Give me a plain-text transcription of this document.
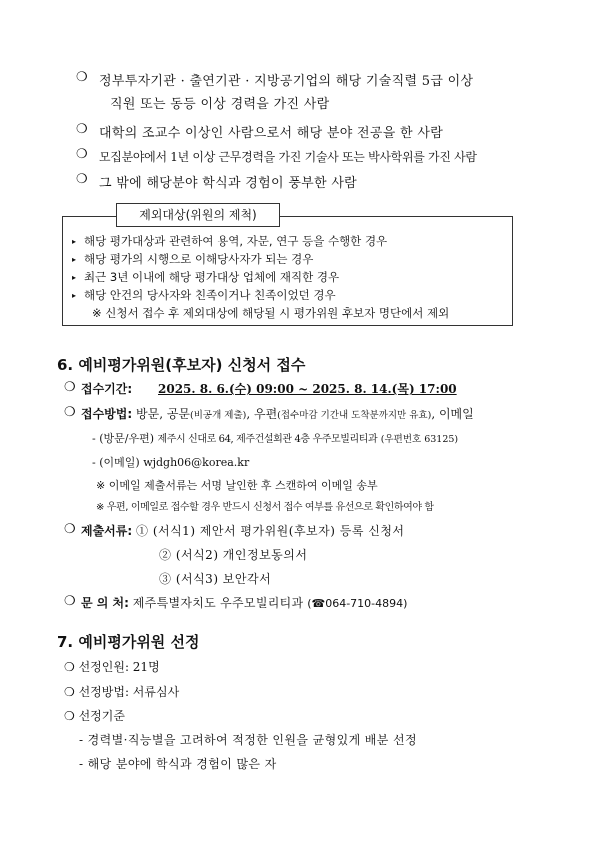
❍ 정부투자기관 · 출연기관 · 지방공기업의 해당 기술직렬 5급 이상
직원 또는 동등 이상 경력을 가진 사람
❍ 대학의 조교수 이상인 사람으로서 해당 분야 전공을 한 사람
❍ 모집분야에서 1년 이상 근무경력을 가진 기술사 또는 박사학위를 가진 사람
❍ 그 밖에 해당분야 학식과 경험이 풍부한 사람
제외대상(위원의 제척)
▸ 해당 평가대상과 관련하여 용역, 자문, 연구 등을 수행한 경우
▸ 해당 평가의 시행으로 이해당사자가 되는 경우
▸ 최근 3년 이내에 해당 평가대상 업체에 재직한 경우
▸ 해당 안건의 당사자와 친족이거나 친족이었던 경우
※ 신청서 접수 후 제외대상에 해당될 시 평가위원 후보자 명단에서 제외
6. 예비평가위원(후보자) 신청서 접수
❍ 접수기간: 2025. 8. 6.(수) 09:00 ~ 2025. 8. 14.(목) 17:00
❍ 접수방법: 방문, 공문(비공개 제출), 우편(접수마감 기간내 도착분까지만 유효), 이메일
- (방문/우편) 제주시 신대로 64, 제주건설회관 4층 우주모빌리티과 (우편번호 63125)
- (이메일) wjdgh06@korea.kr
※ 이메일 제출서류는 서명 날인한 후 스캔하여 이메일 송부
※ 우편, 이메일로 접수할 경우 반드시 신청서 접수 여부를 유선으로 확인하여야 함
❍ 제출서류: ① (서식1) 제안서 평가위원(후보자) 등록 신청서
② (서식2) 개인정보동의서
③ (서식3) 보안각서
❍ 문 의 처: 제주특별자치도 우주모빌리티과 (☎064-710-4894)
7. 예비평가위원 선정
❍ 선정인원: 21명
❍ 선정방법: 서류심사
❍ 선정기준
- 경력별·직능별을 고려하여 적정한 인원을 균형있게 배분 선정
- 해당 분야에 학식과 경험이 많은 자
